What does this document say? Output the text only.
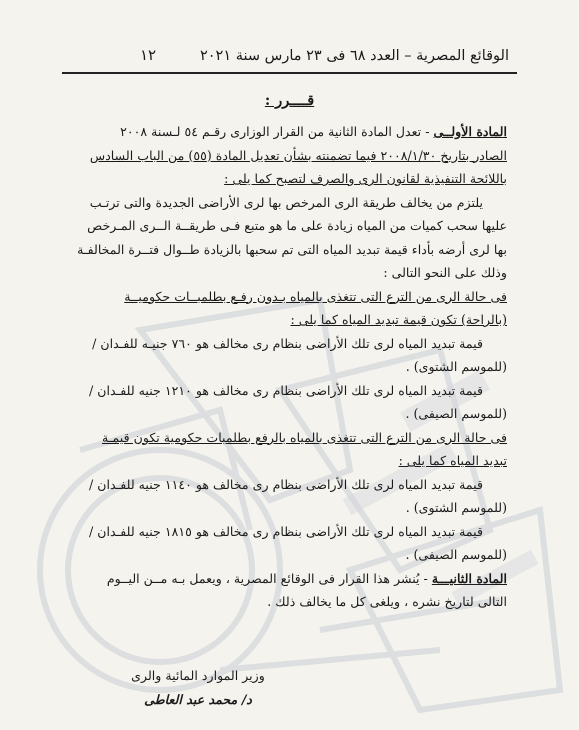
الوقائع المصرية – العدد ٦٨ فى ٢٣ مارس سنة ٢٠٢١
١٢
قــــرر :
المادة الأولــى - تعدل المادة الثانية من القرار الوزارى رقـم ٥٤ لـسنة ٢٠٠٨
الصادر بتاريخ ٢٠٠٨/١/٣٠ فيما تضمنته بشأن تعديل المادة (٥٥) من الباب السادس
باللائحة التنفيذية لقانون الرى والصرف لتصبح كما يلى :
يلتزم من يخالف طريقة الرى المرخص بها لرى الأراضى الجديدة والتى ترتـب
عليها سحب كميات من المياه زيادة على ما هو متبع فـى طريقــة الــرى المـرخص
بها لرى أرضه بأداء قيمة تبديد المياه التى تم سحبها بالزيادة طــوال فتــرة المخالفـة
وذلك على النحو التالى :
فى حالة الرى من الترع التى تتغذى بالمياه بـدون رفـع بطلمبــات حكوميــة
(بالراحة) تكون قيمة تبديد المياه كما يلى :
قيمة تبديد المياه لرى تلك الأراضى بنظام رى مخالف هو ٧٦٠ جنيـه للفـدان /
(للموسم الشتوى) .
قيمة تبديد المياه لرى تلك الأراضى بنظام رى مخالف هو ١٢١٠ جنيه للفـدان /
(للموسم الصيفى) .
فى حالة الرى من الترع التى تتغذى بالمياه بالرفع بطلمبات حكومية تكون قيمـة
تبديد المياه كما يلى :
قيمة تبديد المياه لرى تلك الأراضى بنظام رى مخالف هو ١١٤٠ جنيه للفـدان /
(للموسم الشتوى) .
قيمة تبديد المياه لرى تلك الأراضى بنظام رى مخالف هو ١٨١٥ جنيه للفـدان /
(للموسم الصيفى) .
المادة الثانيـــة - يُنشر هذا القرار فى الوقائع المصرية ، ويعمل بـه مــن اليــوم
التالى لتاريخ نشره ، ويلغى كل ما يخالف ذلك .
وزير الموارد المائية والرى
د/ محمد عبد العاطى
